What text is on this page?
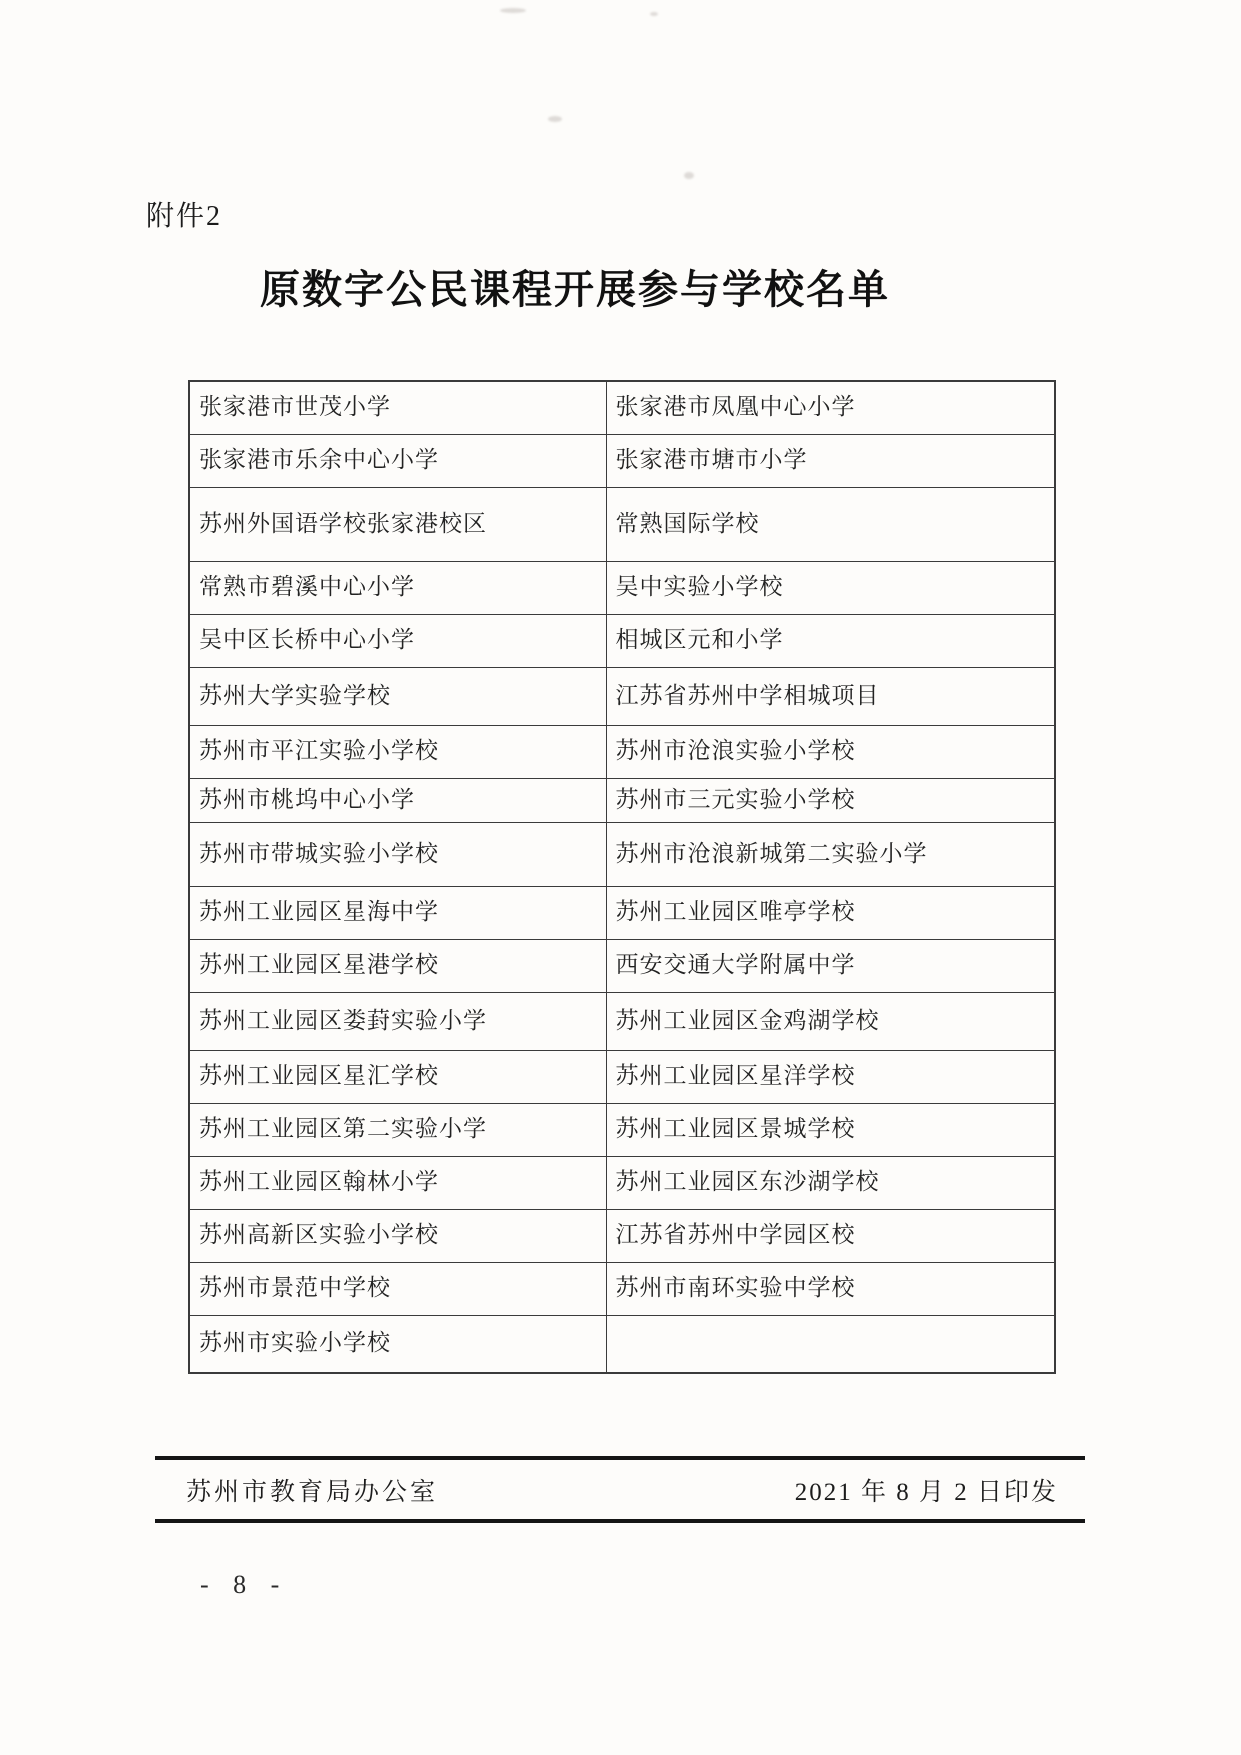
附件2
原数字公民课程开展参与学校名单
张家港市世茂小学	张家港市凤凰中心小学
张家港市乐余中心小学	张家港市塘市小学
苏州外国语学校张家港校区	常熟国际学校
常熟市碧溪中心小学	吴中实验小学校
吴中区长桥中心小学	相城区元和小学
苏州大学实验学校	江苏省苏州中学相城项目
苏州市平江实验小学校	苏州市沧浪实验小学校
苏州市桃坞中心小学	苏州市三元实验小学校
苏州市带城实验小学校	苏州市沧浪新城第二实验小学
苏州工业园区星海中学	苏州工业园区唯亭学校
苏州工业园区星港学校	西安交通大学附属中学
苏州工业园区娄葑实验小学	苏州工业园区金鸡湖学校
苏州工业园区星汇学校	苏州工业园区星洋学校
苏州工业园区第二实验小学	苏州工业园区景城学校
苏州工业园区翰林小学	苏州工业园区东沙湖学校
苏州高新区实验小学校	江苏省苏州中学园区校
苏州市景范中学校	苏州市南环实验中学校
苏州市实验小学校	
苏州市教育局办公室	2021 年 8 月 2 日印发
- 8 -
